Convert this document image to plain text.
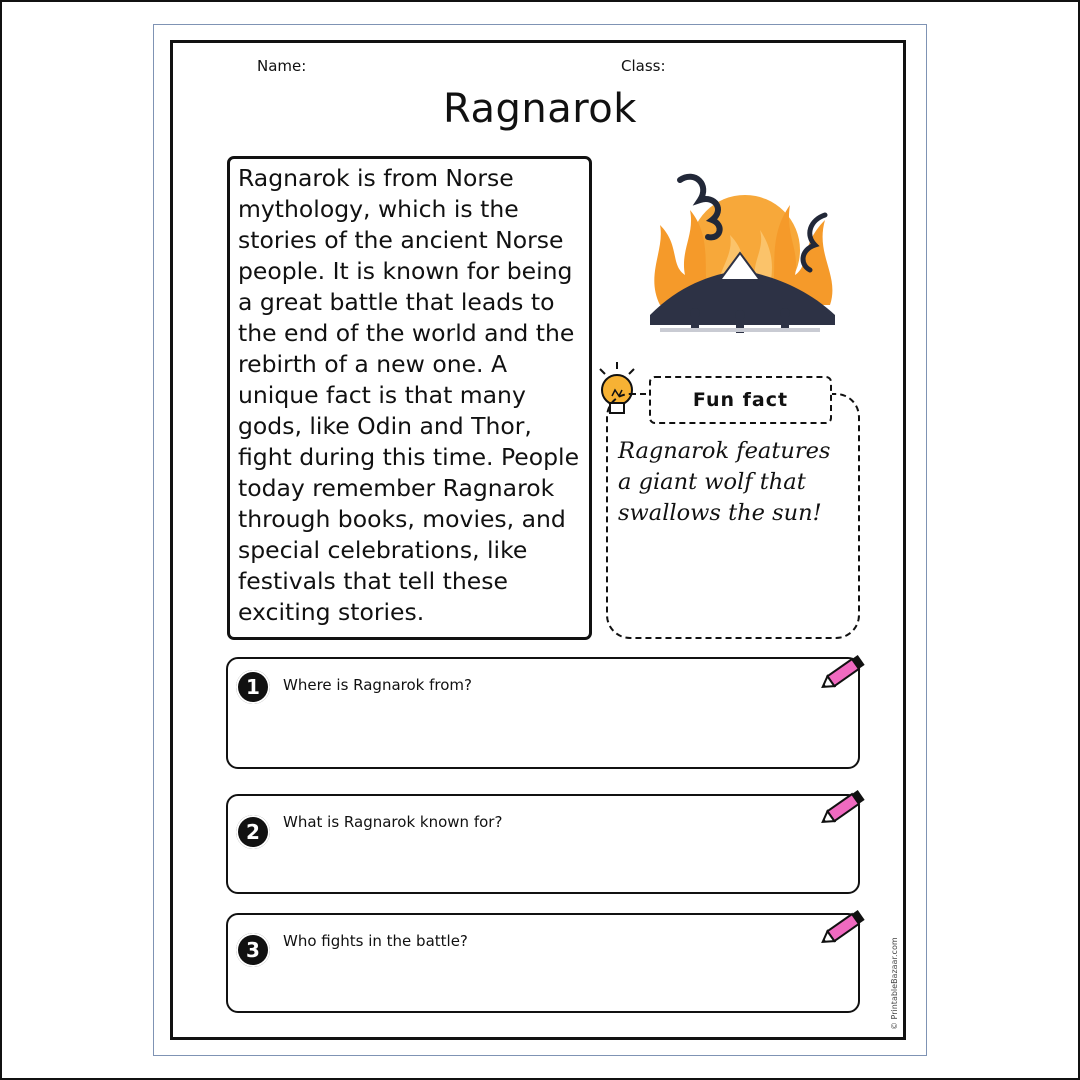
Name:	Class:
Ragnarok
Ragnarok is from Norse mythology, which is the stories of the ancient Norse people. It is known for being a great battle that leads to the end of the world and the rebirth of a new one. A unique fact is that many gods, like Odin and Thor, fight during this time. People today remember Ragnarok through books, movies, and special celebrations, like festivals that tell these exciting stories.
Fun fact
Ragnarok features a giant wolf that swallows the sun!
1	Where is Ragnarok from?
2	What is Ragnarok known for?
3	Who fights in the battle?	© PrintableBazaar.com
